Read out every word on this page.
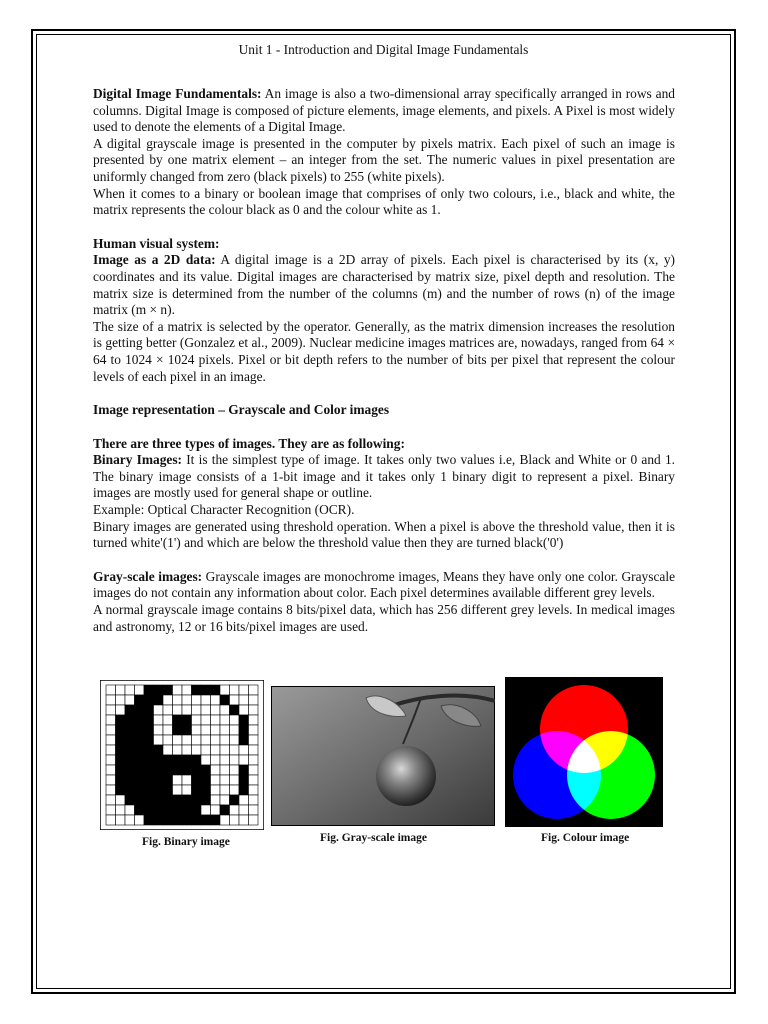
Unit 1 - Introduction and Digital Image Fundamentals

Digital Image Fundamentals: An image is also a two-dimensional array specifically arranged in rows and columns. Digital Image is composed of picture elements, image elements, and pixels. A Pixel is most widely used to denote the elements of a Digital Image.

A digital grayscale image is presented in the computer by pixels matrix. Each pixel of such an image is presented by one matrix element – an integer from the set. The numeric values in pixel presentation are uniformly changed from zero (black pixels) to 255 (white pixels).

When it comes to a binary or boolean image that comprises of only two colours, i.e., black and white, the matrix represents the colour black as 0 and the colour white as 1.

Human visual system:

Image as a 2D data: A digital image is a 2D array of pixels. Each pixel is characterised by its (x, y) coordinates and its value. Digital images are characterised by matrix size, pixel depth and resolution. The matrix size is determined from the number of the columns (m) and the number of rows (n) of the image matrix (m × n).

The size of a matrix is selected by the operator. Generally, as the matrix dimension increases the resolution is getting better (Gonzalez et al., 2009). Nuclear medicine images matrices are, nowadays, ranged from 64 × 64 to 1024 × 1024 pixels. Pixel or bit depth refers to the number of bits per pixel that represent the colour levels of each pixel in an image.

Image representation – Grayscale and Color images

There are three types of images. They are as following:

Binary Images: It is the simplest type of image. It takes only two values i.e, Black and White or 0 and 1. The binary image consists of a 1-bit image and it takes only 1 binary digit to represent a pixel. Binary images are mostly used for general shape or outline.

Example: Optical Character Recognition (OCR).

Binary images are generated using threshold operation. When a pixel is above the threshold value, then it is turned white'(1') and which are below the threshold value then they are turned black('0')

Gray-scale images: Grayscale images are monochrome images, Means they have only one color. Grayscale images do not contain any information about color. Each pixel determines available different grey levels.

A normal grayscale image contains 8 bits/pixel data, which has 256 different grey levels. In medical images and astronomy, 12 or 16 bits/pixel images are used.

Fig. Binary image	Fig. Gray-scale image	Fig. Colour image
